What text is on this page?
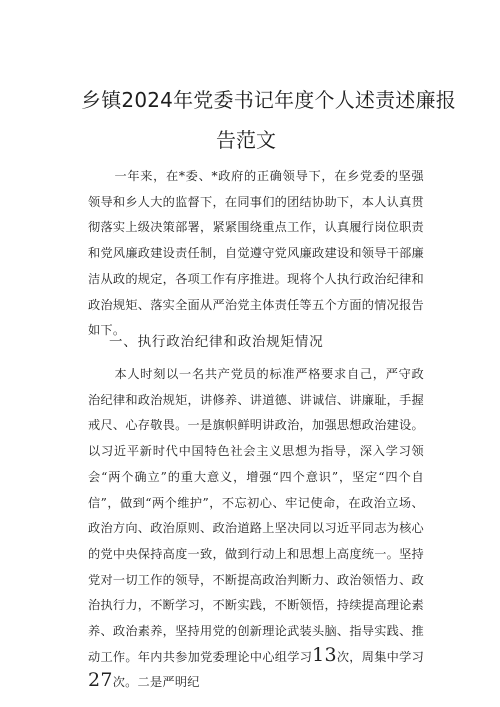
乡镇2024年党委书记年度个人述责述廉报
告范文
一年来，在*委、*政府的正确领导下，在乡党委的坚强领导和乡人大的监督下，在同事们的团结协助下，本人认真贯彻落实上级决策部署，紧紧围绕重点工作，认真履行岗位职责和党风廉政建设责任制，自觉遵守党风廉政建设和领导干部廉洁从政的规定，各项工作有序推进。现将个人执行政治纪律和政治规矩、落实全面从严治党主体责任等五个方面的情况报告如下。
一、执行政治纪律和政治规矩情况
本人时刻以一名共产党员的标准严格要求自己，严守政治纪律和政治规矩，讲修养、讲道德、讲诚信、讲廉耻，手握戒尺、心存敬畏。一是旗帜鲜明讲政治，加强思想政治建设。以习近平新时代中国特色社会主义思想为指导，深入学习领会“两个确立”的重大意义，增强“四个意识”，坚定“四个自信”，做到“两个维护”，不忘初心、牢记使命，在政治立场、政治方向、政治原则、政治道路上坚决同以习近平同志为核心的党中央保持高度一致，做到行动上和思想上高度统一。坚持党对一切工作的领导，不断提高政治判断力、政治领悟力、政治执行力，不断学习，不断实践，不断领悟，持续提高理论素养、政治素养，坚持用党的创新理论武装头脑、指导实践、推动工作。年内共参加党委理论中心组学习13次，周集中学习27次。二是严明纪
